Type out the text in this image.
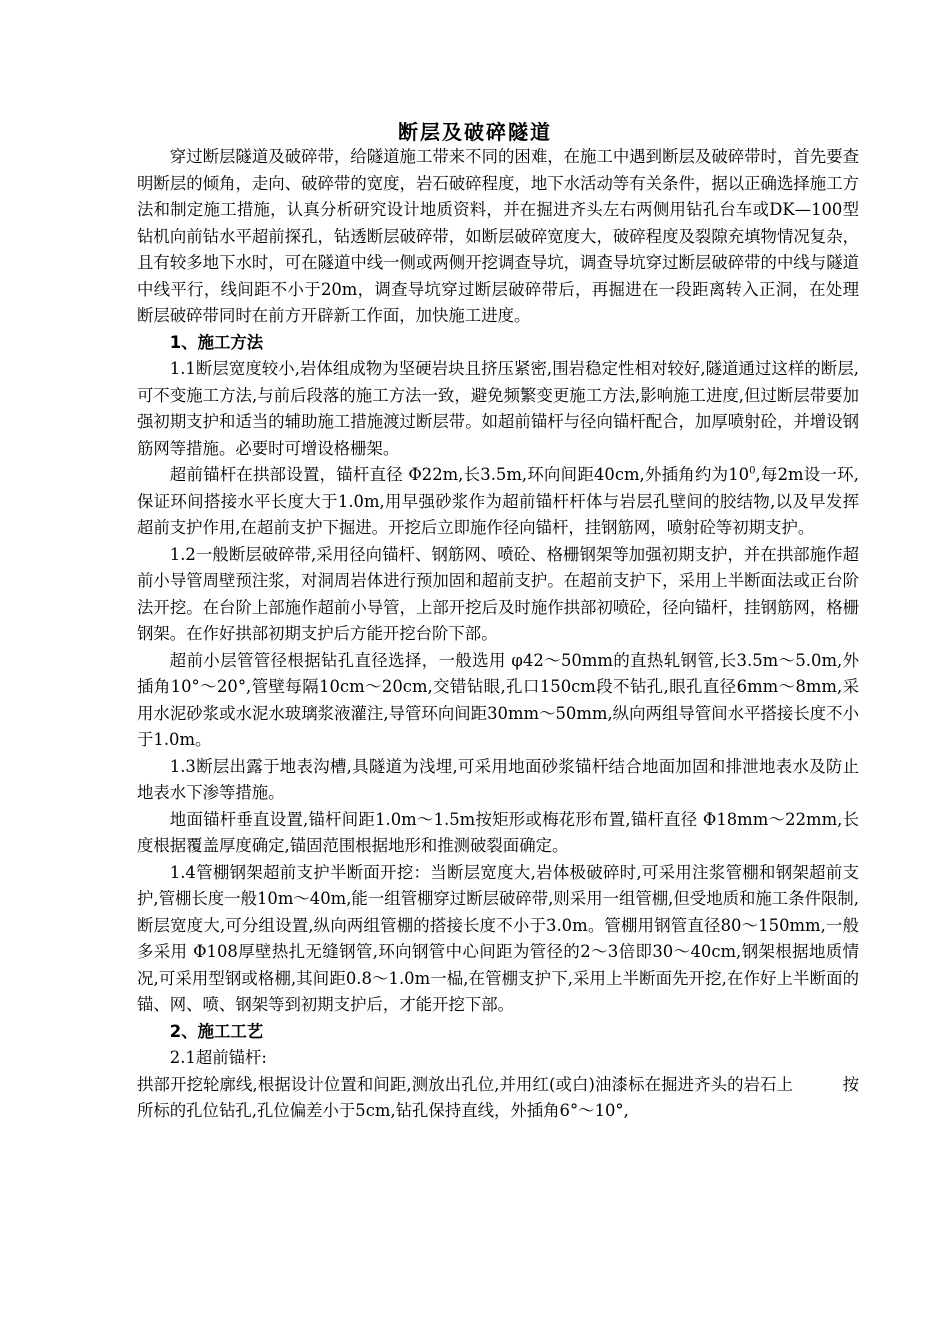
断层及破碎隧道

穿过断层隧道及破碎带，给隧道施工带来不同的困难，在施工中遇到断层及破碎带时，首先要查明断层的倾角，走向、破碎带的宽度，岩石破碎程度，地下水活动等有关条件，据以正确选择施工方法和制定施工措施，认真分析研究设计地质资料，并在掘进齐头左右两侧用钻孔台车或DK—100型钻机向前钻水平超前探孔，钻透断层破碎带，如断层破碎宽度大，破碎程度及裂隙充填物情况复杂，且有较多地下水时，可在隧道中线一侧或两侧开挖调查导坑，调查导坑穿过断层破碎带的中线与隧道中线平行，线间距不小于20m，调查导坑穿过断层破碎带后，再掘进在一段距离转入正洞，在处理断层破碎带同时在前方开辟新工作面，加快施工进度。

1、施工方法

1.1断层宽度较小,岩体组成物为坚硬岩块且挤压紧密,围岩稳定性相对较好,隧道通过这样的断层,可不变施工方法,与前后段落的施工方法一致，避免频繁变更施工方法,影响施工进度,但过断层带要加强初期支护和适当的辅助施工措施渡过断层带。如超前锚杆与径向锚杆配合，加厚喷射砼，并增设钢筋网等措施。必要时可增设格栅架。

超前锚杆在拱部设置，锚杆直径 Φ22m,长3.5m,环向间距40cm,外插角约为$10^0$,每2m设一环,保证环间搭接水平长度大于1.0m,用早强砂浆作为超前锚杆杆体与岩层孔壁间的胶结物,以及早发挥超前支护作用,在超前支护下掘进。开挖后立即施作径向锚杆，挂钢筋网，喷射砼等初期支护。

1.2一般断层破碎带,采用径向锚杆、钢筋网、喷砼、格栅钢架等加强初期支护，并在拱部施作超前小导管周壁预注浆，对洞周岩体进行预加固和超前支护。在超前支护下，采用上半断面法或正台阶法开挖。在台阶上部施作超前小导管，上部开挖后及时施作拱部初喷砼，径向锚杆，挂钢筋网，格栅钢架。在作好拱部初期支护后方能开挖台阶下部。

超前小层管管径根据钻孔直径选择，一般选用 φ42～50mm的直热轧钢管,长3.5m～5.0m,外插角10°～20°,管壁每隔10cm～20cm,交错钻眼,孔口150cm段不钻孔,眼孔直径6mm～8mm,采用水泥砂浆或水泥水玻璃浆液灌注,导管环向间距30mm～50mm,纵向两组导管间水平搭接长度不小于1.0m。

1.3断层出露于地表沟槽,具隧道为浅埋,可采用地面砂浆锚杆结合地面加固和排泄地表水及防止地表水下渗等措施。

地面锚杆垂直设置,锚杆间距1.0m～1.5m按矩形或梅花形布置,锚杆直径 Φ18mm～22mm,长度根据覆盖厚度确定,锚固范围根据地形和推测破裂面确定。

1.4管棚钢架超前支护半断面开挖：当断层宽度大,岩体极破碎时,可采用注浆管棚和钢架超前支护,管棚长度一般10m～40m,能一组管棚穿过断层破碎带,则采用一组管棚,但受地质和施工条件限制,断层宽度大,可分组设置,纵向两组管棚的搭接长度不小于3.0m。管棚用钢管直径80～150mm,一般多采用 Φ108厚壁热扎无缝钢管,环向钢管中心间距为管径的2～3倍即30～40cm,钢架根据地质情况,可采用型钢或格棚,其间距0.8～1.0m一榀,在管棚支护下,采用上半断面先开挖,在作好上半断面的锚、网、喷、钢架等到初期支护后，才能开挖下部。

2、施工工艺

2.1超前锚杆:

拱部开挖轮廓线,根据设计位置和间距,测放出孔位,并用红(或白)油漆标在掘进齐头的岩石上　　　按所标的孔位钻孔,孔位偏差小于5cm,钻孔保持直线，外插角6°～10°,
